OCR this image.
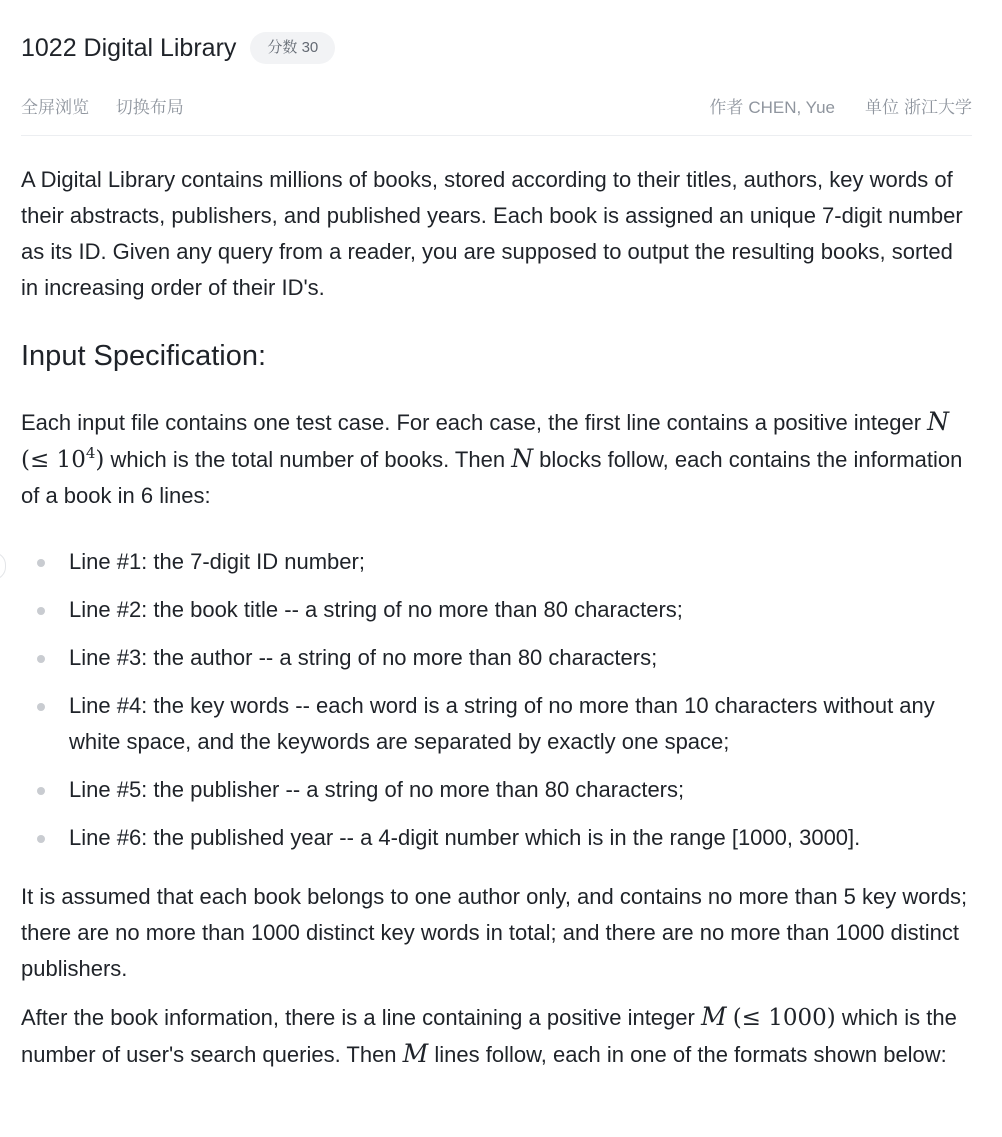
1022 Digital Library	分数 30
全屏浏览 切换布局	作者 CHEN, Yue 单位 浙江大学

A Digital Library contains millions of books, stored according to their titles, authors, key words of their abstracts, publishers, and published years. Each book is assigned an unique 7-digit number as its ID. Given any query from a reader, you are supposed to output the resulting books, sorted in increasing order of their ID's.

Input Specification:

Each input file contains one test case. For each case, the first line contains a positive integer N (≤ $10^4$) which is the total number of books. Then N blocks follow, each contains the information of a book in 6 lines:

Line #1: the 7-digit ID number;
Line #2: the book title -- a string of no more than 80 characters;
Line #3: the author -- a string of no more than 80 characters;
Line #4: the key words -- each word is a string of no more than 10 characters without any white space, and the keywords are separated by exactly one space;
Line #5: the publisher -- a string of no more than 80 characters;
Line #6: the published year -- a 4-digit number which is in the range [1000, 3000].

It is assumed that each book belongs to one author only, and contains no more than 5 key words; there are no more than 1000 distinct key words in total; and there are no more than 1000 distinct publishers.

After the book information, there is a line containing a positive integer M (≤ 1000) which is the number of user's search queries. Then M lines follow, each in one of the formats shown below:
